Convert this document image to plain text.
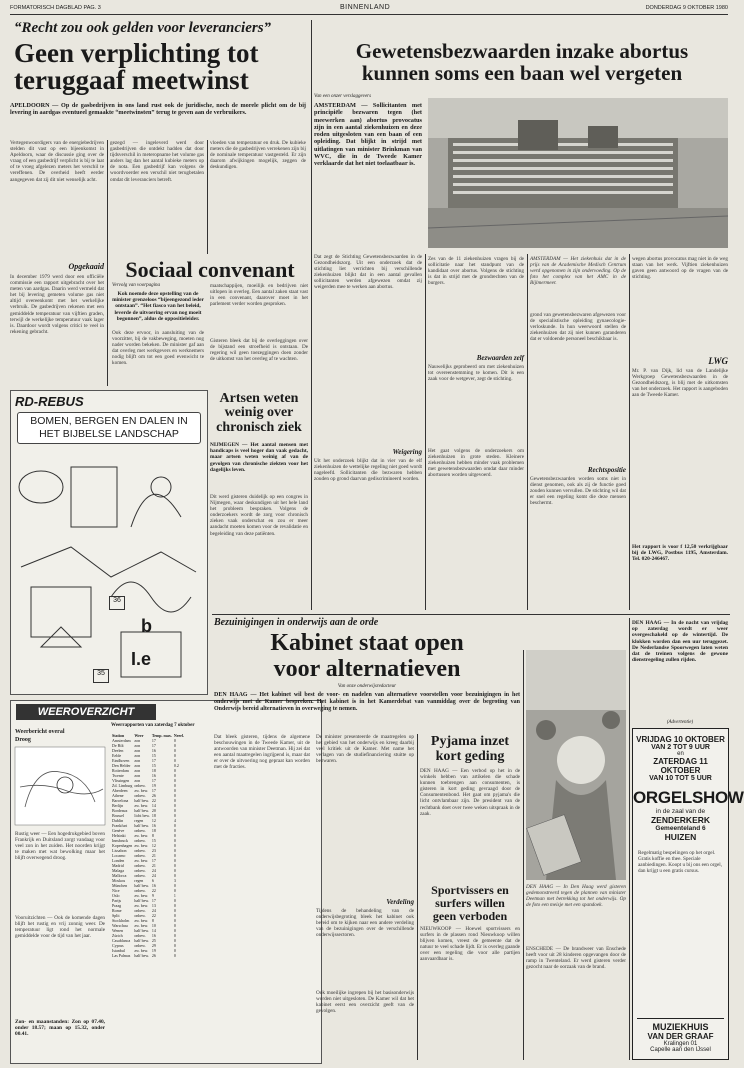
FORMATORISCH DAGBLAD PAG. 3	BINNENLAND	DONDERDAG 9 OKTOBER 1980
“Recht zou ook gelden voor leveranciers”
Geen verplichting tot
teruggaaf meetwinst
APELDOORN — Op de gasbedrijven in ons land rust ook de juridische, noch de morele plicht om de bij levering in aardgas eventueel gemaakte “meetwinsten” terug te geven aan de verbruikers.
Vertegenwoordigers van de energiebedrijven stelden dit vast op een bijeenkomst in Apeldoorn, waar de discussie ging over de vraag of een gasbedrijf verplicht is bij te laat of te vroeg afgelezen meters het verschil te vereffenen. De overheid heeft eerder aangegeven dat zij dit niet wenselijk acht.
gezegd — ingeleverd werd door gasbedrijven die ontdekt hadden dat door tijdsverschil in meteropname het volume gas anders lag dan het aantal kubieke meters op de nota. Een gasbedrijf kan volgens de woordvoerder een verschil niet terugbetalen omdat dit leveranciers betreft.
vloeden van temperatuur en druk. De kubieke meters die de gasbedrijven verrekenen zijn bij de nominale temperatuur vastgesteld. Er zijn daarom afwijkingen mogelijk, zeggen de deskundigen.
Opgekaaid
In december 1979 werd door een officiële commissie een rapport uitgebracht over het meten van aardgas. Daarin werd vermeld dat het bij levering gemeten volume gas niet altijd overeenkomt met het werkelijke verbruik. De gasbedrijven rekenen met een gemiddelde temperatuur van vijftien graden, terwijl de werkelijke temperatuur vaak lager is. Daardoor wordt volgens critici te veel in rekening gebracht.
Sociaal convenant
Vervolg van voorpagina
Kok noemde deze opstelling van de minister grenzeloos “bijeengezond ieder ontstaan”. “Het fiasco van het beleid, leverde de uitvoering ervan nog moeit begonnen”, aldus de oppositieleider.
Ook deze ervoor, in aansluiting van de voorzitter, bij de vakbeweging, moeten nog nader worden bekeken. De minister gaf aan dat overleg met werkgevers en werknemers nodig blijft om tot een goed evenwicht te komen.
maatschappijen, moeilijk en bedrijven niet uitlopen in overleg. Een aantal zaken staat vast in een convenant, daarover moet in het parlement verder worden gesproken.
Gisteren bleek dat bij de overleggingen over de bijstand een stroefheid is ontstaan. De regering wil geen toezeggingen doen zonder de uitkomst van het overleg af te wachten.
RD-REBUS
BOMEN, BERGEN EN DALEN IN HET BIJBELSE LANDSCHAP
35
36
b
I.e
Artsen weten
weinig over
chronisch ziek
NIJMEGEN — Het aantal mensen met handicaps is veel hoger dan vaak gedacht, maar artsen weten weinig af van de gevolgen van chronische ziekten voor het dagelijks leven.
Dit werd gisteren duidelijk op een congres in Nijmegen, waar deskundigen uit het hele land het probleem bespraken. Volgens de onderzoekers wordt de zorg voor chronisch zieken vaak onderschat en zou er meer aandacht moeten komen voor de revalidatie en begeleiding van deze patiënten.
WEEROVERZICHT
Weerbericht overal
Droog
Rustig weer — Een hogedrukgebied boven Frankrijk en Duitsland zorgt vandaag voor veel zon in het zuiden. Het noorden krijgt te maken met wat bewolking maar het blijft overwegend droog.
Vooruitzichten — Ook de komende dagen blijft het rustig en vrij zonnig weer. De temperatuur ligt rond het normale gemiddelde voor de tijd van het jaar.
Zon- en maanstanden: Zon op 07.40, onder 18.57; maan op 15.32, onder 00.41.
Weerrapporten van zaterdag 7 oktober
Station	Weer	Temp. max.	Neerl.
Amsterdam	zon	17	0
De Bilt	zon	17	0
Deelen	zon	16	0
Eelde	zon	15	0
Eindhoven	zon	17	0
Den Helder	zon	15	0.2
Rotterdam	zon	18	0
Twente	zon	16	0
Vlissingen	zon	17	0
Zd. Limburg	onbew.	19	0
Aberdeen	zw. bew.	17	0
Athene	onbew.	26	0
Barcelona	half bew.	22	0
Berlijn	zw. bew.	14	0
Bordeaux	half bew.	20	0
Brussel	licht bew.	18	0
Dublin	regen	12	4
Frankfurt	half bew.	16	0
Genève	onbew.	18	0
Helsinki	zw. bew.	8	0
Innsbruck	onbew.	15	0
Kopenhagen	zw. bew.	12	0
Lissabon	onbew.	23	0
Locarno	onbew.	21	0
Londen	zw. bew.	17	0
Madrid	onbew.	21	0
Malaga	onbew.	24	0
Mallorca	onbew.	24	0
Moskou	regen	6	3
München	half bew.	16	0
Nice	onbew.	22	0
Oslo	zw. bew.	9	1
Parijs	half bew.	17	0
Praag	zw. bew.	13	0
Rome	onbew.	24	0
Split	onbew.	22	0
Stockholm	zw. bew.	8	0
Warschau	zw. bew.	10	0
Wenen	half bew.	14	0
Zürich	onbew.	16	0
Casablanca	half bew.	25	0
Cyprus	onbew.	29	0
Istanbul	zw. bew.	19	0
Las Palmas	half bew.	26	0
Gewetensbezwaarden inzake abortus
kunnen soms een baan wel vergeten
Van een onzer verslaggevers
AMSTERDAM — Sollicitanten met principiële bezwaren tegen (het meewerken aan) abortus provocatus zijn in een aantal ziekenhuizen en deze roden uitgesloten van een baan of een opleiding. Dat blijkt in strijd met uitlatingen van minister Brinkman van WVC, die in de Tweede Kamer verklaarde dat het niet toelaatbaar is.
Dat zegt de Stichting Gewetensbezwaarden in de Gezondheidszorg. Uit een onderzoek dat de stichting liet verrichten bij verschillende ziekenhuizen blijkt dat in een aantal gevallen sollicitanten werden afgewezen omdat zij weigerden mee te werken aan abortus.
Zes van de 11 ziekenhuizen vragen bij de sollicitatie naar het standpunt van de kandidaat over abortus. Volgens de stichting is dat in strijd met de grondrechten van de burgers.
AMSTERDAM — Het ziekenhuis dat in de prijs van de Academische Medisch Centrum werd opgenomen in zijn ondervoeding. Op de foto het complex van het AMC in de Bijlmermeer.
grond van gewetensbezwaren afgewezen voor de specialistische opleiding gynaecologie-verloskunde. In hun weerwoord stellen de ziekenhuizen dat zij niet kunnen garanderen dat er voldoende personeel beschikbaar is.
wegen abortus provocatus mag niet in de weg staan van het werk. Vijftien ziekenhuizen gaven geen antwoord op de vragen van de stichting.
Bezwaarden zelf
Nauwelijks geprobeerd om met ziekenhuizen tot overeenstemming te komen. Dit is een zaak voor de wetgever, zegt de stichting.
Weigering
Uit het onderzoek blijkt dat in vier van de elf ziekenhuizen de wettelijke regeling niet goed wordt nageleefd. Sollicitanten die bezwaren hebben zouden op grond daarvan gediscrimineerd worden.
Het gaat volgens de onderzoekers om ziekenhuizen in grote steden. Kleinere ziekenhuizen hebben minder vaak problemen met gewetensbezwaarden omdat daar minder abortussen worden uitgevoerd.
Rechtspositie
Gewetensbezwaarden worden soms niet in dienst genomen, ook als zij de functie goed zouden kunnen vervullen. De stichting wil dat er snel een regeling komt die deze mensen beschermt.
LWG
Mr. P. van Dijk, lid van de Landelijke Werkgroep Gewetensbezwaarden in de Gezondheidszorg, is blij met de uitkomsten van het onderzoek. Het rapport is aangeboden aan de Tweede Kamer.
Het rapport is voor f 12,50 verkrijgbaar bij de LWG, Postbus 1195, Amsterdam. Tel. 020-246467.
Bezuinigingen in onderwijs aan de orde
Kabinet staat open
voor alternatieven
Van onze onderwijsredacteur
DEN HAAG — Het kabinet wil best de voor- en nadelen van alternatieve voorstellen voor bezuinigingen in het onderwijs met de Kamer bespreken. Het kabinet is in het Kamerdebat van vanmiddag over de begroting van Onderwijs bereid alternatieven in overweging te nemen.
Dat bleek gisteren, tijdens de algemene beschouwingen in de Tweede Kamer, uit de antwoorden van minister Deetman. Hij zei dat een aantal maatregelen ingrijpend is, maar dat er over de uitvoering nog gepraat kan worden met de fracties.
De minister presenteerde de maatregelen op het gebied van het onderwijs en kreeg daarbij veel kritiek uit de Kamer. Met name het verlagen van de studiefinanciering stuitte op bezwaren.
Verdeling
Tijdens de behandeling van de onderwijsbegroting bleek het kabinet ook bereid om te kijken naar een andere verdeling van de bezuinigingen over de verschillende onderwijssectoren.
Ook moeilijke ingrepen bij het basisonderwijs worden niet uitgesloten. De Kamer wil dat het kabinet eerst een overzicht geeft van de gevolgen.
Pyjama inzet
kort geding
DEN HAAG — Een verbod op het in de winkels hebben van artikelen die schade kunnen toebrengen aan consumenten, is gisteren in kort geding gevraagd door de Consumentenbond. Het gaat om pyjama's die licht ontvlambaar zijn. De president van de rechtbank doet over twee weken uitspraak in de zaak.
Sportvissers en
surfers willen
geen verboden
NIEUWKOOP — Hoewel sportvissers en surfers in de plassen rond Nieuwkoop willen blijven komen, vreest de gemeente dat de natuur te veel schade lijdt. Er is overleg gaande over een regeling die voor alle partijen aanvaardbaar is.
DEN HAAG — In Den Haag werd gisteren gedemonstreerd tegen de plannen van minister Deetman met betrekking tot het onderwijs. Op de foto een meisje met een spandoek.
ENSCHEDE — De brandweer van Enschede heeft voor uit 28 kinderen opgevangen door de ramp in Twenteland. Er werd gisteren verder gezocht naar de oorzaak van de brand.
DEN HAAG — In de nacht van vrijdag op zaterdag wordt er weer overgeschakeld op de wintertijd. De klokken worden dan een uur teruggezet. De Nederlandse Spoorwegen laten weten dat de treinen volgens de gewone dienstregeling zullen rijden.
(Advertentie)
VRIJDAG 10 OKTOBER
VAN 2 TOT 9 UUR
en
ZATERDAG 11 OKTOBER
VAN 10 TOT 5 UUR
ORGELSHOW
in de zaal van de
ZENDERKERK
Gemeenteland 6
HUIZEN
Regelmatig bespelingen op het orgel. Gratis koffie en thee. Speciale aanbiedingen. Koopt u bij ons een orgel, dan krijgt u een gratis cursus.
MUZIEKHUIS
VAN DER GRAAF
Kralingen 01
Capelle aan den IJssel
